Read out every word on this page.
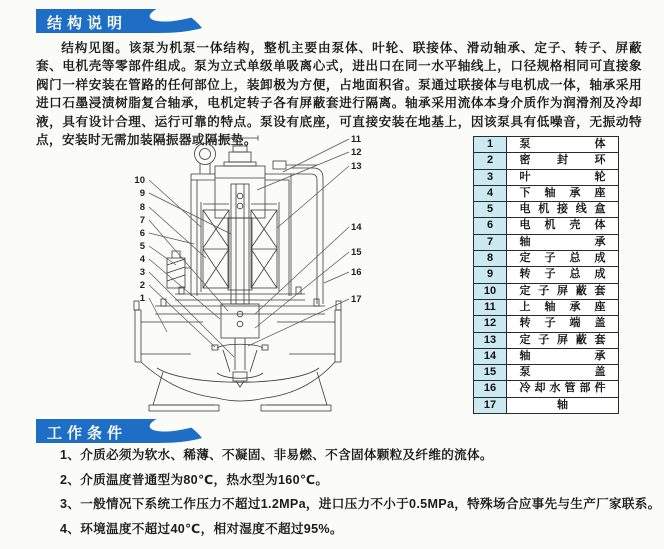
结构说明

结构见图。该泵为机泵一体结构，整机主要由泵体、叶轮、联接体、滑动轴承、定子、转子、屏蔽套、电机壳等零部件组成。泵为立式单级单吸离心式，进出口在同一水平轴线上，口径规格相同可直接象阀门一样安装在管路的任何部位上，装卸极为方便，占地面积省。泵通过联接体与电机成一体，轴承采用进口石墨浸渍树脂复合轴承，电机定转子各有屏蔽套进行隔离。轴承采用流体本身介质作为润滑剂及冷却液，具有设计合理、运行可靠的特点。泵设有底座，可直接安装在地基上，因该泵具有低噪音，无振动特点，安装时无需加装隔振器或隔振垫。

10
9
8
7
6
5
4
3
2
1
11
12
13
14
15
16
17
1	泵体

2	密封环

3	叶轮

4	下轴承座

5	电机接线盒

6	电机壳体

7	轴承

8	定子总成

9	转子总成

10	定子屏蔽套

11	上轴承座

12	转子端盖

13	定子屏蔽套

14	轴承

15	泵盖

16	冷却水管部件

17	轴
工作条件
1、介质必须为软水、稀薄、不凝固、非易燃、不含固体颗粒及纤维的流体。
2、介质温度普通型为80℃，热水型为160℃。
3、一般情况下系统工作压力不超过1.2MPa，进口压力不小于0.5MPa，特殊场合应事先与生产厂家联系。
4、环境温度不超过40℃，相对湿度不超过95%。
